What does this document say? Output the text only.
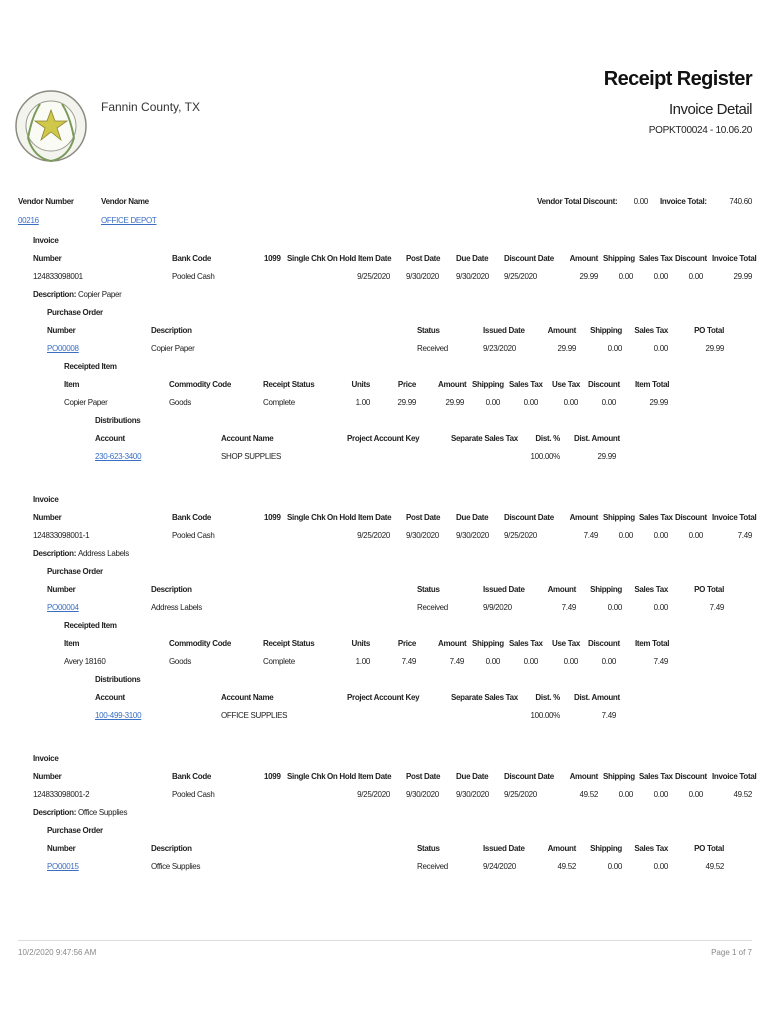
Fannin County, TX
Receipt Register
Invoice Detail
POPKT00024 - 10.06.20
Vendor Number	Vendor Name
00216	OFFICE DEPOT
Vendor Total Discount:	0.00 Invoice Total:	740.60
Invoice
Number	Bank Code	1099 Single Chk On Hold Item Date Post Date Due Date Discount Date Amount Shipping Sales Tax Discount Invoice Total
124833098001	Pooled Cash	9/25/2020 9/30/2020 9/30/2020 9/25/2020	29.99	0.00	0.00	0.00	29.99
Description: Copier Paper
Purchase Order
Number	Description	Status	Issued Date	Amount Shipping	Sales Tax	PO Total
PO00008	Copier Paper	Received	9/23/2020	29.99	0.00	0.00	29.99
Receipted Item
Item	Commodity Code	Receipt Status	Units	Price	Amount Shipping Sales Tax Use Tax Discount Item Total
Copier Paper	Goods	Complete	1.00	29.99	29.99	0.00	0.00	0.00	0.00	29.99
Distributions
Account	Account Name	Project Account Key	Separate Sales Tax	Dist. % Dist. Amount
230-623-3400	SHOP SUPPLIES	100.00%	29.99
Invoice
Number	Bank Code	1099 Single Chk On Hold Item Date Post Date Due Date Discount Date Amount Shipping Sales Tax Discount Invoice Total
124833098001-1	Pooled Cash	9/25/2020 9/30/2020 9/30/2020 9/25/2020	7.49	0.00	0.00	0.00	7.49
Description: Address Labels
Purchase Order
Number	Description	Status	Issued Date	Amount Shipping	Sales Tax	PO Total
PO00004	Address Labels	Received	9/9/2020	7.49	0.00	0.00	7.49
Receipted Item
Item	Commodity Code	Receipt Status	Units	Price	Amount Shipping Sales Tax Use Tax Discount Item Total
Avery 18160	Goods	Complete	1.00	7.49	7.49	0.00	0.00	0.00	0.00	7.49
Distributions
Account	Account Name	Project Account Key	Separate Sales Tax	Dist. % Dist. Amount
100-499-3100	OFFICE SUPPLIES	100.00%	7.49
Invoice
Number	Bank Code	1099 Single Chk On Hold Item Date Post Date Due Date Discount Date Amount Shipping Sales Tax Discount Invoice Total
124833098001-2	Pooled Cash	9/25/2020 9/30/2020 9/30/2020 9/25/2020	49.52	0.00	0.00	0.00	49.52
Description: Office Supplies
Purchase Order
Number	Description	Status	Issued Date	Amount Shipping	Sales Tax	PO Total
PO00015	Office Supplies	Received	9/24/2020	49.52	0.00	0.00	49.52
10/2/2020 9:47:56 AM	Page 1 of 7
